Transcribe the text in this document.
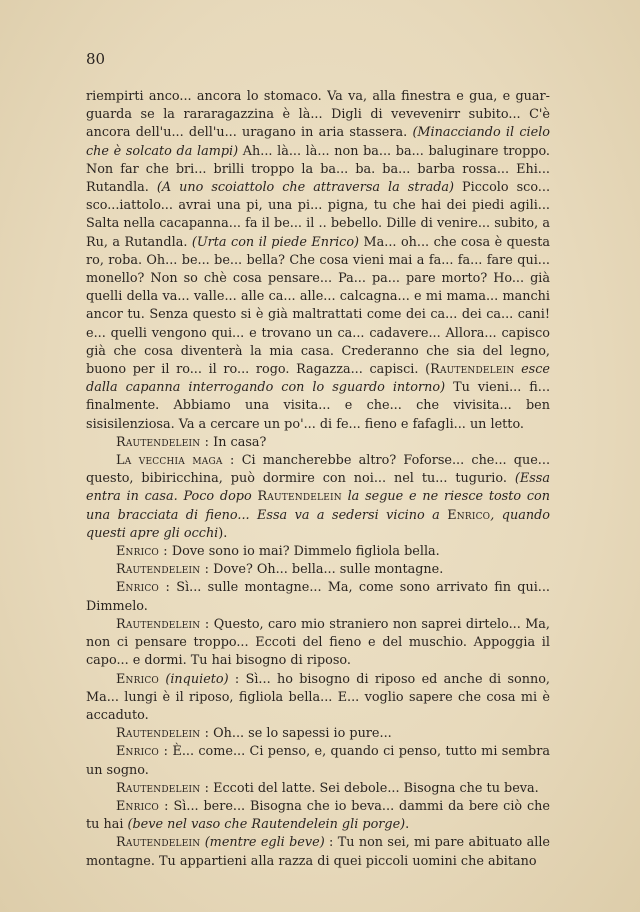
80

riempirti anco... ancora lo stomaco. Va va, alla finestra e gua, e guar-guarda se la rararagazzina è là... Digli di vevevenirr subito... C'è ancora dell'u... dell'u... uragano in aria stassera. (Minacciando il cielo che è solcato da lampi) Ah... là... là... non ba... ba... baluginare troppo. Non far che bri... brilli troppo la ba... ba. ba... barba rossa... Ehi... Rutandla. (A uno scoiattolo che attraversa la strada) Piccolo sco... sco...iattolo... avrai una pi, una pi... pigna, tu che hai dei piedi agili... Salta nella cacapanna... fa il be... il .. bebello. Dille di venire... subito, a Ru, a Rutandla. (Urta con il piede Enrico) Ma... oh... che cosa è questa ro, roba. Oh... be... be... bella? Che cosa vieni mai a fa... fa... fare qui... monello? Non so chè cosa pensare... Pa... pa... pare morto? Ho... già quelli della va... valle... alle ca... alle... calcagna... e mi mama... manchi ancor tu. Senza questo si è già maltrattati come dei ca... dei ca... cani! e... quelli vengono qui... e trovano un ca... cadavere... Allora... capisco già che cosa diventerà la mia casa. Crederanno che sia del legno, buono per il ro... il ro... rogo. Ragazza... capisci. (Rautendelein esce dalla capanna interrogando con lo sguardo intorno) Tu vieni... fi... finalmente. Abbiamo una visita... e che... che vivisita... ben sisisilenziosa. Va a cercare un po'... di fe... fieno e fafagli... un letto.

Rautendelein : In casa?

La vecchia maga : Ci mancherebbe altro? Foforse... che... que... questo, bibiricchina, può dormire con noi... nel tu... tugurio. (Essa entra in casa. Poco dopo Rautendelein la segue e ne riesce tosto con una bracciata di fieno... Essa va a sedersi vicino a Enrico, quando questi apre gli occhi).

Enrico : Dove sono io mai? Dimmelo figliola bella.

Rautendelein : Dove? Oh... bella... sulle montagne.

Enrico : Sì... sulle montagne... Ma, come sono arrivato fin qui... Dimmelo.

Rautendelein : Questo, caro mio straniero non saprei dirtelo... Ma, non ci pensare troppo... Eccoti del fieno e del muschio. Appoggia il capo... e dormi. Tu hai bisogno di riposo.

Enrico (inquieto) : Sì... ho bisogno di riposo ed anche di sonno, Ma... lungi è il riposo, figliola bella... E... voglio sapere che cosa mi è accaduto.

Rautendelein : Oh... se lo sapessi io pure...

Enrico : È... come... Ci penso, e, quando ci penso, tutto mi sembra un sogno.

Rautendelein : Eccoti del latte. Sei debole... Bisogna che tu beva.

Enrico : Sì... bere... Bisogna che io beva... dammi da bere ciò che tu hai (beve nel vaso che Rautendelein gli porge).

Rautendelein (mentre egli beve) : Tu non sei, mi pare abituato alle montagne. Tu appartieni alla razza di quei piccoli uomini che abitano
